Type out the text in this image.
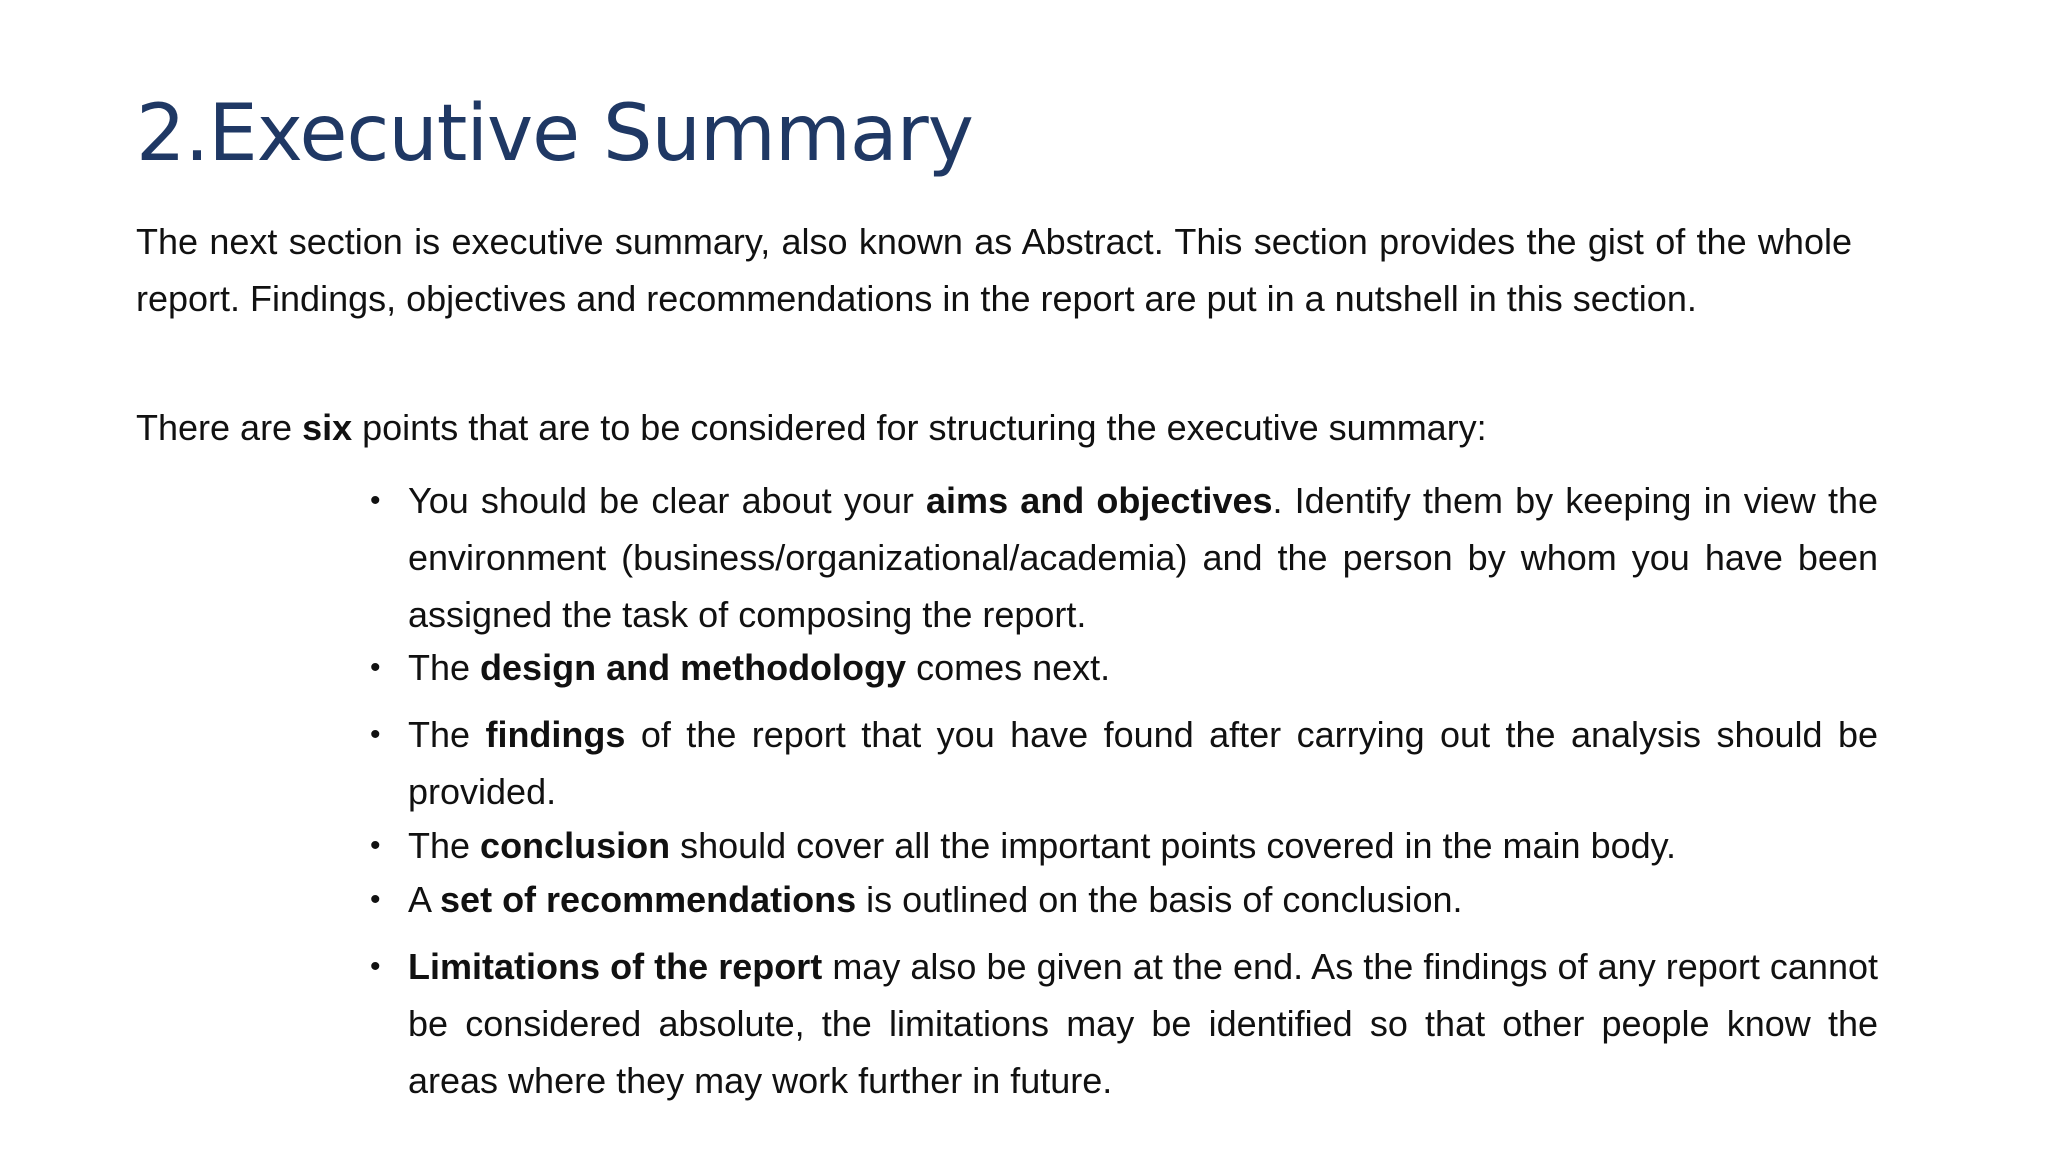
2.Executive Summary

The next section is executive summary, also known as Abstract. This section provides the gist of the whole report. Findings, objectives and recommendations in the report are put in a nutshell in this section.

There are six points that are to be considered for structuring the executive summary:

• You should be clear about your aims and objectives. Identify them by keeping in view the environment (business/organizational/academia) and the person by whom you have been assigned the task of composing the report.
• The design and methodology comes next.
• The findings of the report that you have found after carrying out the analysis should be provided.
• The conclusion should cover all the important points covered in the main body.
• A set of recommendations is outlined on the basis of conclusion.
• Limitations of the report may also be given at the end. As the findings of any report cannot be considered absolute, the limitations may be identified so that other people know the areas where they may work further in future.
